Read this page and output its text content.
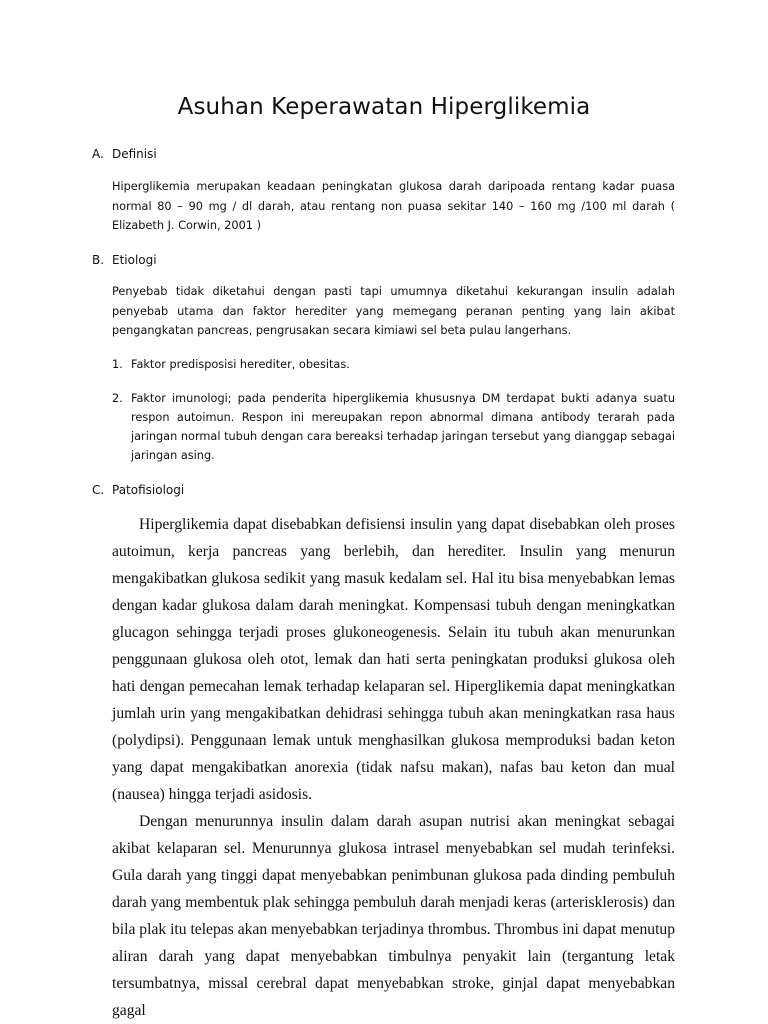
Asuhan Keperawatan Hiperglikemia
A. Definisi

Hiperglikemia merupakan keadaan peningkatan glukosa darah daripoada rentang kadar puasa normal 80 – 90 mg / dl darah, atau rentang non puasa sekitar 140 – 160 mg /100 ml darah ( Elizabeth J. Corwin, 2001 )

B. Etiologi

Penyebab tidak diketahui dengan pasti tapi umumnya diketahui kekurangan insulin adalah penyebab utama dan faktor herediter yang memegang peranan penting yang lain akibat pengangkatan pancreas, pengrusakan secara kimiawi sel beta pulau langerhans.

1. Faktor predisposisi herediter, obesitas.
2. Faktor imunologi; pada penderita hiperglikemia khususnya DM terdapat bukti adanya suatu respon autoimun. Respon ini mereupakan repon abnormal dimana antibody terarah pada jaringan normal tubuh dengan cara bereaksi terhadap jaringan tersebut yang dianggap sebagai jaringan asing.
C. Patofisiologi

Hiperglikemia dapat disebabkan defisiensi insulin yang dapat disebabkan oleh proses autoimun, kerja pancreas yang berlebih, dan herediter. Insulin yang menurun mengakibatkan glukosa sedikit yang masuk kedalam sel. Hal itu bisa menyebabkan lemas dengan kadar glukosa dalam darah meningkat. Kompensasi tubuh dengan meningkatkan glucagon sehingga terjadi proses glukoneogenesis. Selain itu tubuh akan menurunkan penggunaan glukosa oleh otot, lemak dan hati serta peningkatan produksi glukosa oleh hati dengan pemecahan lemak terhadap kelaparan sel. Hiperglikemia dapat meningkatkan jumlah urin yang mengakibatkan dehidrasi sehingga tubuh akan meningkatkan rasa haus (polydipsi). Penggunaan lemak untuk menghasilkan glukosa memproduksi badan keton yang dapat mengakibatkan anorexia (tidak nafsu makan), nafas bau keton dan mual (nausea) hingga terjadi asidosis.

Dengan menurunnya insulin dalam darah asupan nutrisi akan meningkat sebagai akibat kelaparan sel. Menurunnya glukosa intrasel menyebabkan sel mudah terinfeksi. Gula darah yang tinggi dapat menyebabkan penimbunan glukosa pada dinding pembuluh darah yang membentuk plak sehingga pembuluh darah menjadi keras (arterisklerosis) dan bila plak itu telepas akan menyebabkan terjadinya thrombus. Thrombus ini dapat menutup aliran darah yang dapat menyebabkan timbulnya penyakit lain (tergantung letak tersumbatnya, missal cerebral dapat menyebabkan stroke, ginjal dapat menyebabkan gagal
